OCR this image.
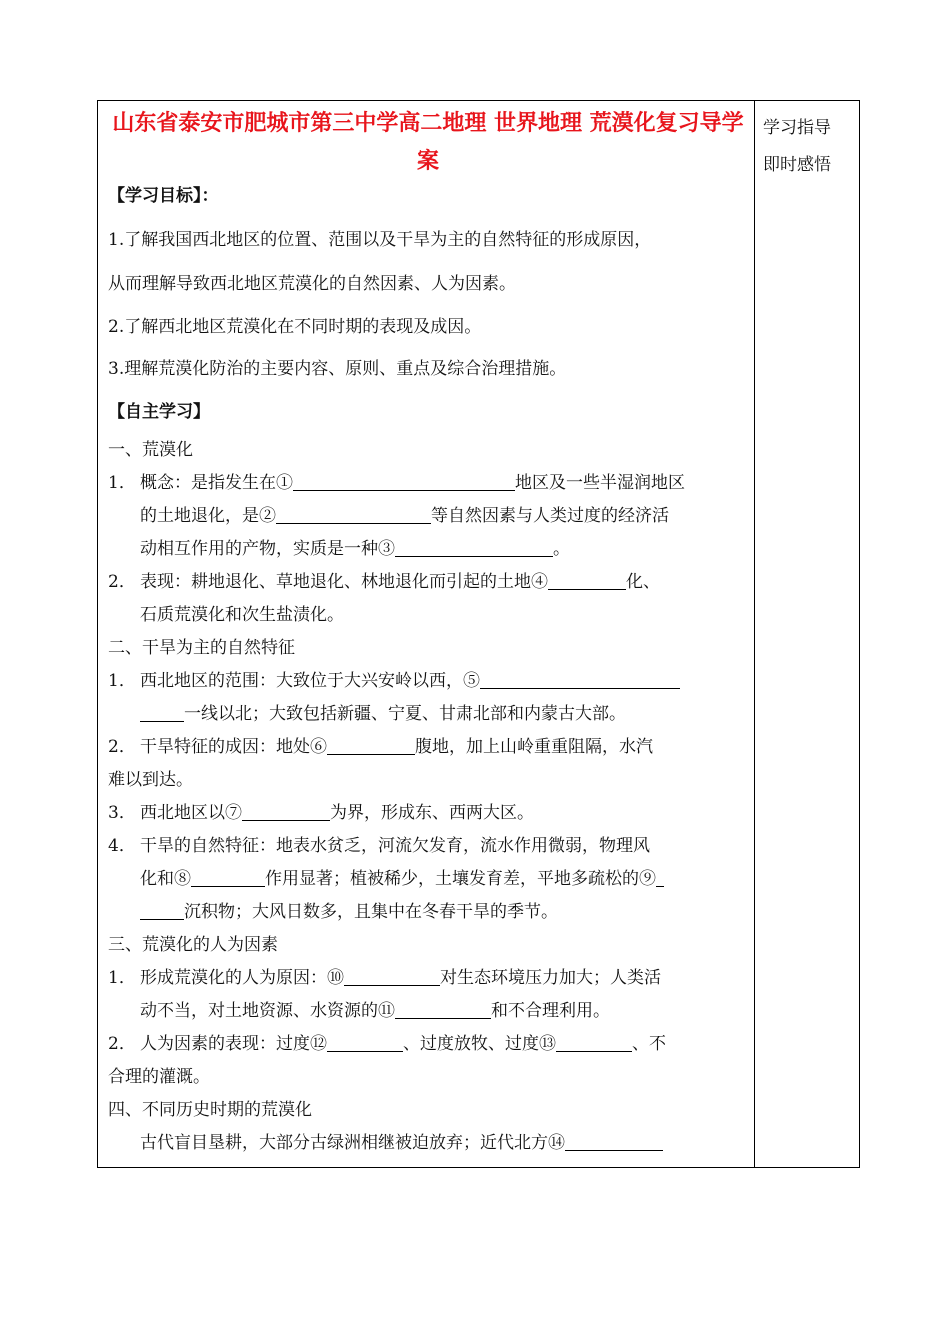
学习指导
即时感悟
山东省泰安市肥城市第三中学高二地理 世界地理 荒漠化复习导学案

【学习目标】：

1.了解我国西北地区的位置、范围以及干旱为主的自然特征的形成原因，

从而理解导致西北地区荒漠化的自然因素、人为因素。

2.了解西北地区荒漠化在不同时期的表现及成因。

3.理解荒漠化防治的主要内容、原则、重点及综合治理措施。

【自主学习】

一、荒漠化

1． 概念：是指发生在①	地区及一些半湿润地区
的土地退化，是②	等自然因素与人类过度的经济活
动相互作用的产物，实质是一种③	。
2． 表现：耕地退化、草地退化、林地退化而引起的土地④	化、
石质荒漠化和次生盐渍化。

二、干旱为主的自然特征

1． 西北地区的范围：大致位于大兴安岭以西，⑤
一线以北；大致包括新疆、宁夏、甘肃北部和内蒙古大部。
2． 干旱特征的成因：地处⑥	腹地，加上山岭重重阻隔，水汽

难以到达。

3． 西北地区以⑦	为界，形成东、西两大区。
4． 干旱的自然特征：地表水贫乏，河流欠发育，流水作用微弱，物理风
化和⑧	作用显著；植被稀少，土壤发育差，平地多疏松的⑨
沉积物；大风日数多，且集中在冬春干旱的季节。

三、荒漠化的人为因素

1． 形成荒漠化的人为原因：⑩	对生态环境压力加大；人类活
动不当，对土地资源、水资源的⑪	和不合理利用。
2． 人为因素的表现：过度⑫	、过度放牧、过度⑬	、不

合理的灌溉。

四、不同历史时期的荒漠化

古代盲目垦耕，大部分古绿洲相继被迫放弃；近代北方⑭
